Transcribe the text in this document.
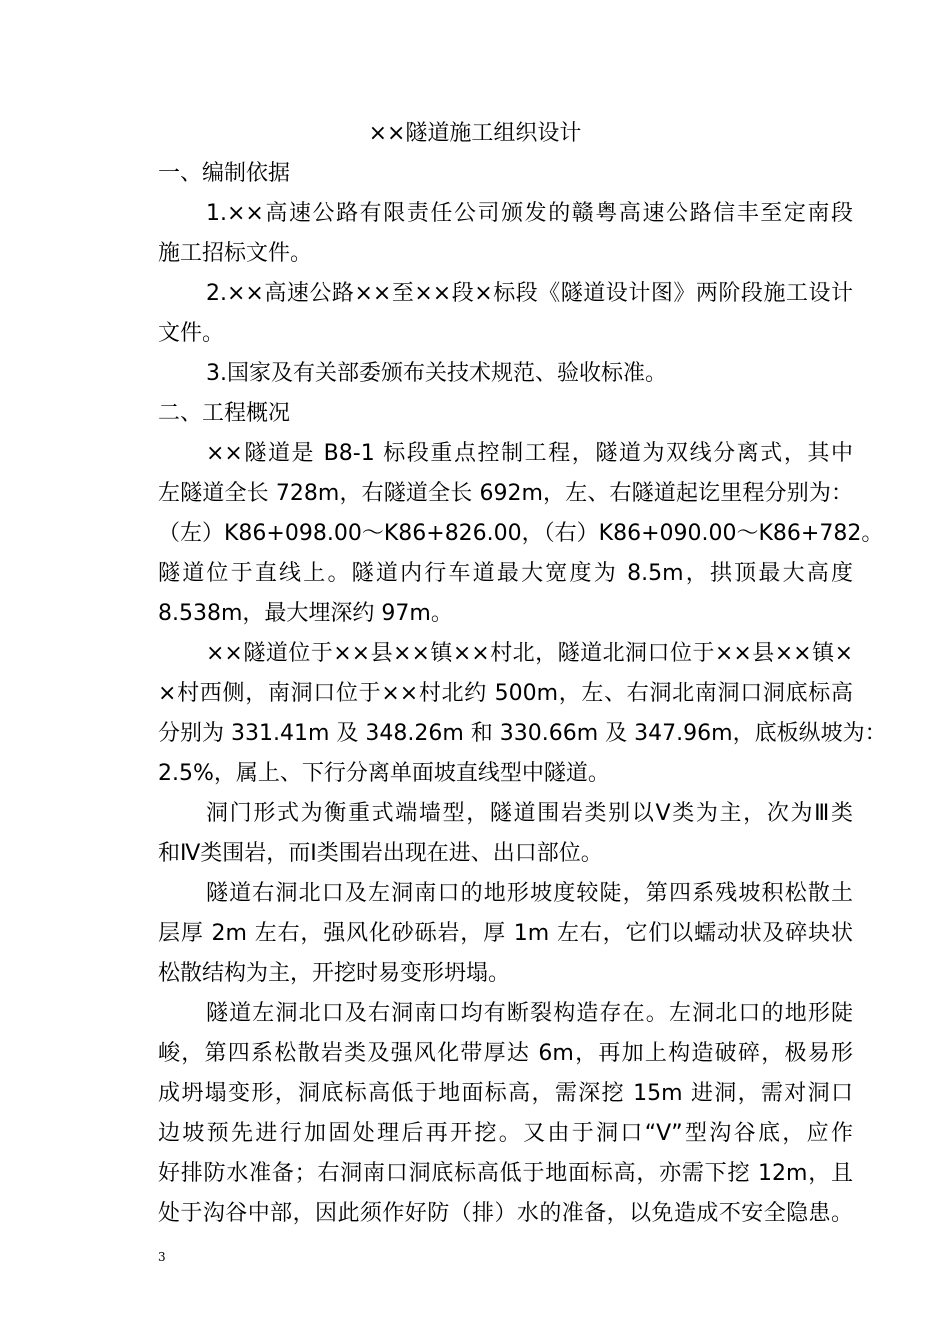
××隧道施工组织设计
一、编制依据
1.××高速公路有限责任公司颁发的赣粤高速公路信丰至定南段
施工招标文件。
2.××高速公路××至××段×标段《隧道设计图》两阶段施工设计
文件。
3.国家及有关部委颁布关技术规范、验收标准。
二、工程概况
××隧道是 B8-1 标段重点控制工程，隧道为双线分离式，其中
左隧道全长 728m，右隧道全长 692m，左、右隧道起讫里程分别为：
（左）K86+098.00～K86+826.00，（右）K86+090.00～K86+782。
隧道位于直线上。隧道内行车道最大宽度为 8.5m，拱顶最大高度
8.538m，最大埋深约 97m。
××隧道位于××县××镇××村北，隧道北洞口位于××县××镇×
×村西侧，南洞口位于××村北约 500m，左、右洞北南洞口洞底标高
分别为 331.41m 及 348.26m 和 330.66m 及 347.96m，底板纵坡为：
2.5%，属上、下行分离单面坡直线型中隧道。
洞门形式为衡重式端墙型，隧道围岩类别以Ⅴ类为主，次为Ⅲ类
和Ⅳ类围岩，而Ⅰ类围岩出现在进、出口部位。
隧道右洞北口及左洞南口的地形坡度较陡，第四系残坡积松散土
层厚 2m 左右，强风化砂砾岩，厚 1m 左右，它们以蠕动状及碎块状
松散结构为主，开挖时易变形坍塌。
隧道左洞北口及右洞南口均有断裂构造存在。左洞北口的地形陡
峻，第四系松散岩类及强风化带厚达 6m，再加上构造破碎，极易形
成坍塌变形，洞底标高低于地面标高，需深挖 15m 进洞，需对洞口
边坡预先进行加固处理后再开挖。又由于洞口“V”型沟谷底，应作
好排防水准备；右洞南口洞底标高低于地面标高，亦需下挖 12m，且
处于沟谷中部，因此须作好防（排）水的准备，以免造成不安全隐患。
3
